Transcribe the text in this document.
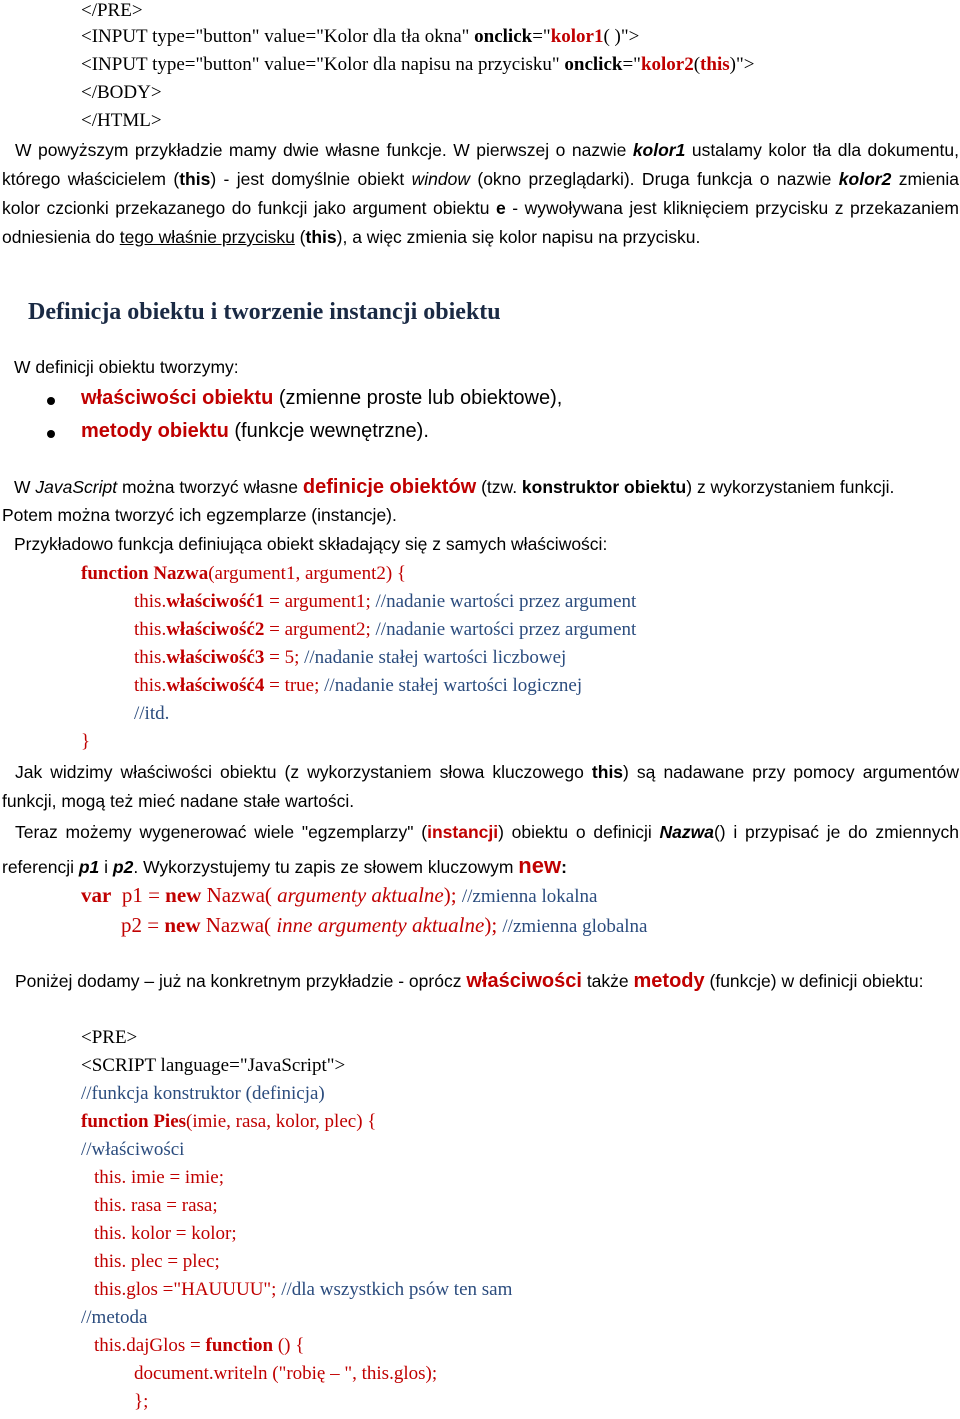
</PRE>
<INPUT type="button" value="Kolor dla tła okna" onclick="kolor1( )">
<INPUT type="button" value="Kolor dla napisu na przycisku" onclick="kolor2(this)">
</BODY>
</HTML>
W powyższym przykładzie mamy dwie własne funkcje. W pierwszej o nazwie kolor1 ustalamy kolor tła dla dokumentu, którego właścicielem (this) - jest domyślnie obiekt window (okno przeglądarki). Druga funkcja o nazwie kolor2 zmienia kolor czcionki przekazanego do funkcji jako argument obiektu e - wywoływana jest kliknięciem przycisku z przekazaniem odniesienia do tego właśnie przycisku (this), a więc zmienia się kolor napisu na przycisku.
Definicja obiektu i tworzenie instancji obiektu
W definicji obiektu tworzymy:
właściwości obiektu (zmienne proste lub obiektowe),
metody obiektu (funkcje wewnętrzne).
W JavaScript można tworzyć własne definicje obiektów (tzw. konstruktor obiektu) z wykorzystaniem funkcji.
Potem można tworzyć ich egzemplarze (instancje).
Przykładowo funkcja definiująca obiekt składający się z samych właściwości:
function Nazwa(argument1, argument2) {
this.właściwość1 = argument1; //nadanie wartości przez argument
this.właściwość2 = argument2; //nadanie wartości przez argument
this.właściwość3 = 5; //nadanie stałej wartości liczbowej
this.właściwość4 = true; //nadanie stałej wartości logicznej
//itd.
}
Jak widzimy właściwości obiektu (z wykorzystaniem słowa kluczowego this) są nadawane przy pomocy argumentów funkcji, mogą też mieć nadane stałe wartości.
Teraz możemy wygenerować wiele "egzemplarzy" (instancji) obiektu o definicji Nazwa() i przypisać je do zmiennych referencji p1 i p2. Wykorzystujemy tu zapis ze słowem kluczowym new:
var  p1 = new Nazwa( argumenty aktualne); //zmienna lokalna
p2 = new Nazwa( inne argumenty aktualne); //zmienna globalna
Poniżej dodamy – już na konkretnym przykładzie - oprócz właściwości także metody (funkcje) w definicji obiektu:
<PRE>
<SCRIPT language="JavaScript">
//funkcja konstruktor (definicja)
function Pies(imie, rasa, kolor, plec) {
//właściwości
this. imie = imie;
this. rasa = rasa;
this. kolor = kolor;
this. plec = plec;
this.glos ="HAUUUU"; //dla wszystkich psów ten sam
//metoda
this.dajGlos = function () {
document.writeln ("robię – ", this.glos);
};
